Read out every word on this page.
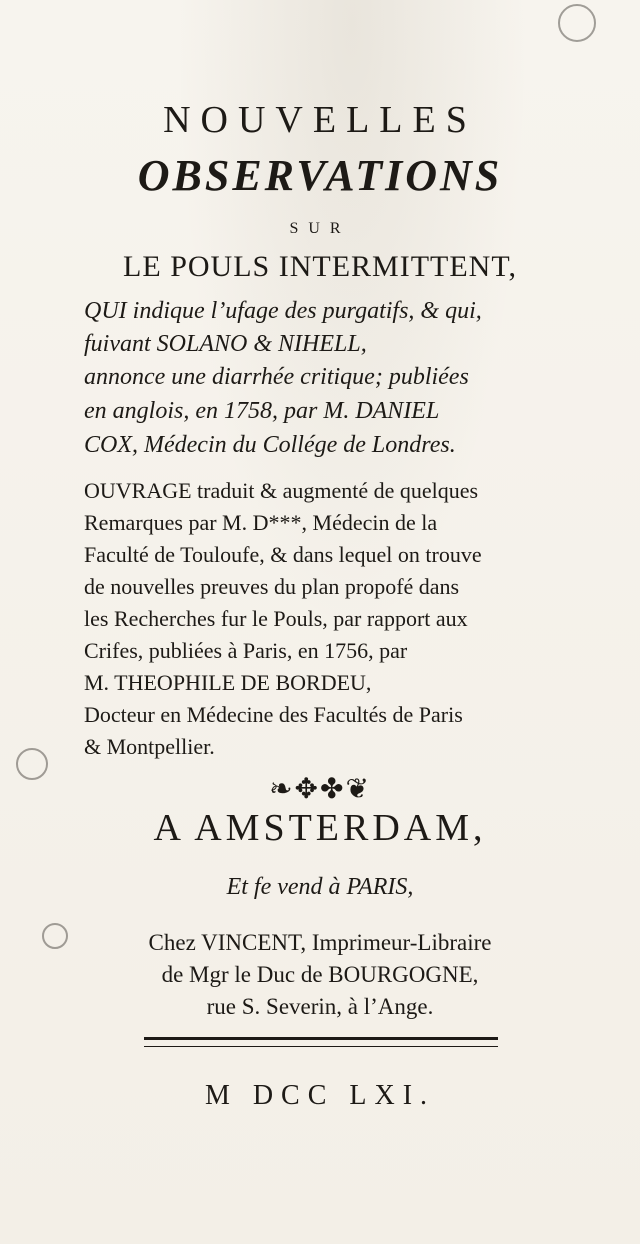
NOUVELLES
OBSERVATIONS
SUR
LE POULS INTERMITTENT,
QUI indique l’ufage des purgatifs, & qui,
fuivant SOLANO & NIHELL,
annonce une diarrhée critique; publiées
en anglois, en 1758, par M. DANIEL
COX, Médecin du Collége de Londres.
OUVRAGE traduit & augmenté de quelques
Remarques par M. D***, Médecin de la
Faculté de Touloufe, & dans lequel on trouve
de nouvelles preuves du plan propofé dans
les Recherches fur le Pouls, par rapport aux
Crifes, publiées à Paris, en 1756, par
M. THEOPHILE DE BORDEU,
Docteur en Médecine des Facultés de Paris
& Montpellier.
❧✥✤❦
A AMSTERDAM,
Et fe vend à PARIS,
Chez VINCENT, Imprimeur-Libraire
de Mgr le Duc de BOURGOGNE,
rue S. Severin, à l’Ange.
M DCC LXI.
